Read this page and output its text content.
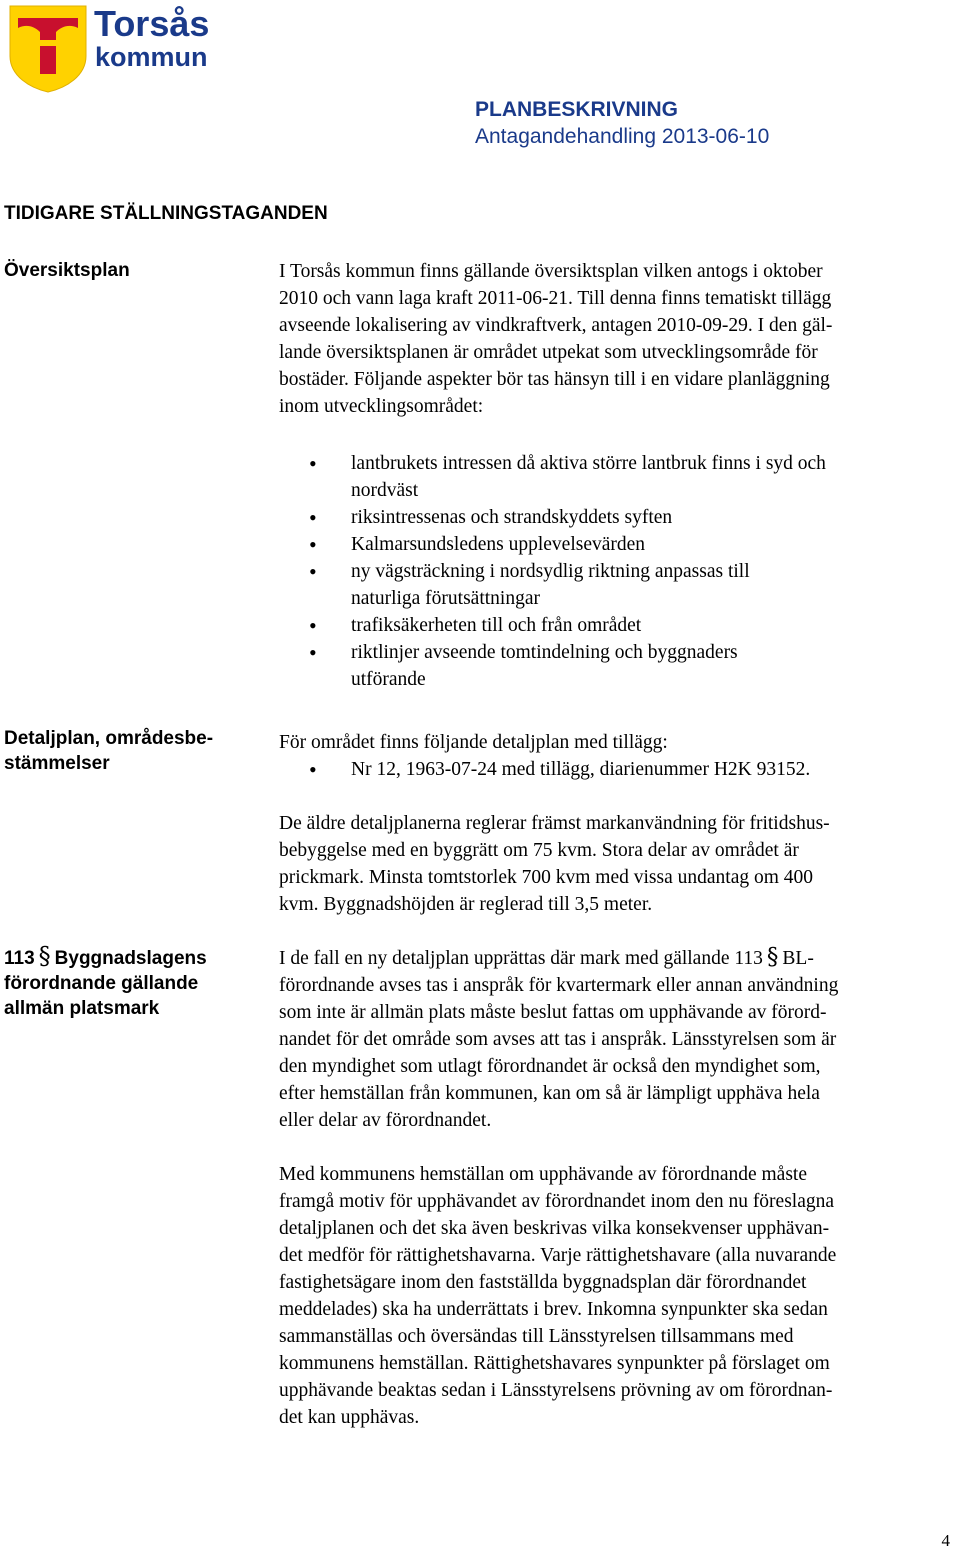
Torsås
kommun
PLANBESKRIVNING
Antagandehandling 2013-06-10
TIDIGARE STÄLLNINGSTAGANDEN
Översiktsplan	I Torsås kommun finns gällande översiktsplan vilken antogs i oktober

2010 och vann laga kraft 2011-06-21. Till denna finns tematiskt tillägg

avseende lokalisering av vindkraftverk, antagen 2010-09-29. I den gäl-

lande översiktsplanen är området utpekat som utvecklingsområde för

bostäder. Följande aspekter bör tas hänsyn till i en vidare planläggning

inom utvecklingsområdet:

• lantbrukets intressen då aktiva större lantbruk finns i syd och
nordväst
• riksintressenas och strandskyddets syften
• Kalmarsundsledens upplevelsevärden
• ny vägsträckning i nordsydlig riktning anpassas till
naturliga förutsättningar
• trafiksäkerheten till och från området
• riktlinjer avseende tomtindelning och byggnaders
utförande
Detaljplan, områdesbe-
stämmelser

För området finns följande detaljplan med tillägg:

• Nr 12, 1963-07-24 med tillägg, diarienummer H2K 93152.

De äldre detaljplanerna reglerar främst markanvändning för fritidshus-

bebyggelse med en byggrätt om 75 kvm. Stora delar av området är

prickmark. Minsta tomtstorlek 700 kvm med vissa undantag om 400

kvm. Byggnadshöjden är reglerad till 3,5 meter.

113 § Byggnadslagens
förordnande gällande
allmän platsmark

I de fall en ny detaljplan upprättas där mark med gällande 113 § BL-

förordnande avses tas i anspråk för kvartermark eller annan användning

som inte är allmän plats måste beslut fattas om upphävande av förord-

nandet för det område som avses att tas i anspråk. Länsstyrelsen som är

den myndighet som utlagt förordnandet är också den myndighet som,

efter hemställan från kommunen, kan om så är lämpligt upphäva hela

eller delar av förordnandet.

Med kommunens hemställan om upphävande av förordnande måste

framgå motiv för upphävandet av förordnandet inom den nu föreslagna

detaljplanen och det ska även beskrivas vilka konsekvenser upphävan-

det medför för rättighetshavarna. Varje rättighetshavare (alla nuvarande

fastighetsägare inom den fastställda byggnadsplan där förordnandet

meddelades) ska ha underrättats i brev. Inkomna synpunkter ska sedan

sammanställas och översändas till Länsstyrelsen tillsammans med

kommunens hemställan. Rättighetshavares synpunkter på förslaget om

upphävande beaktas sedan i Länsstyrelsens prövning av om förordnan-

det kan upphävas.

4
